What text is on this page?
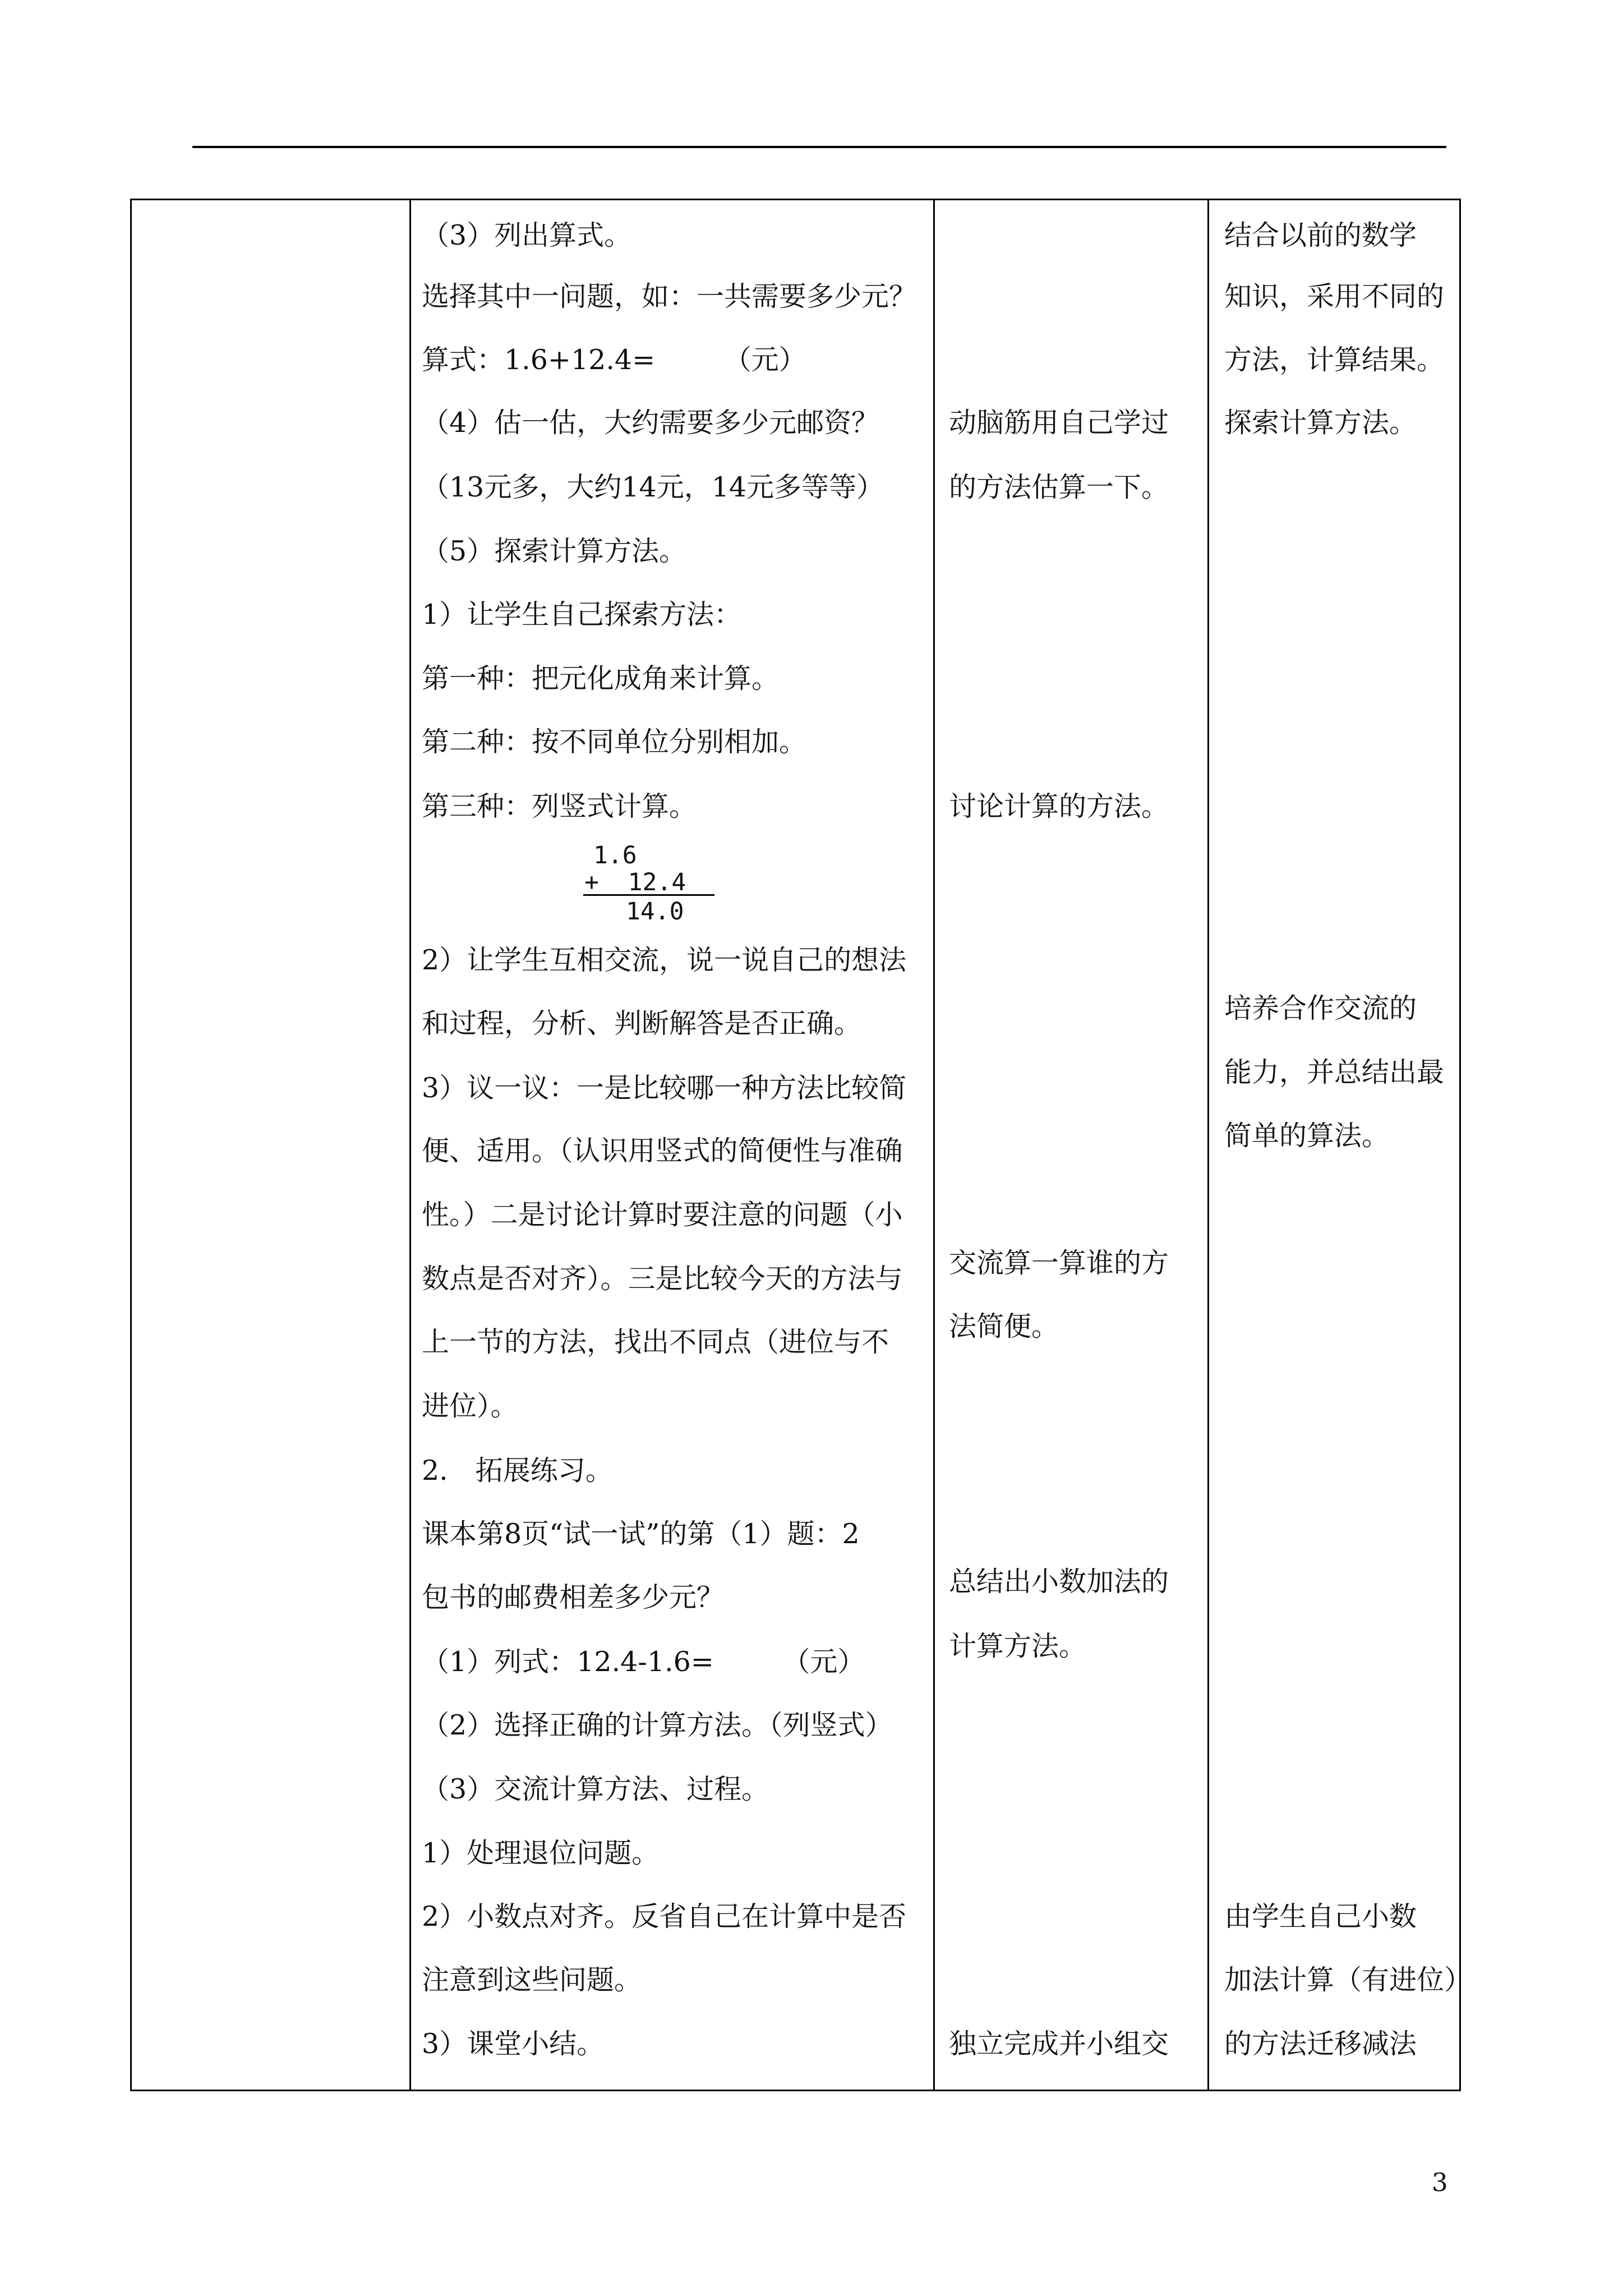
（3）列出算式。
选择其中一问题，如：一共需要多少元？
算式：1.6+12.4=　　　（元）
（4）估一估，大约需要多少元邮资？
（13元多，大约14元，14元多等等）
（5）探索计算方法。
1）让学生自己探索方法：
第一种：把元化成角来计算。
第二种：按不同单位分别相加。
第三种：列竖式计算。
2）让学生互相交流，说一说自己的想法
和过程，分析、判断解答是否正确。
3）议一议：一是比较哪一种方法比较简
便、适用。（认识用竖式的简便性与准确
性。）二是讨论计算时要注意的问题（小
数点是否对齐）。三是比较今天的方法与
上一节的方法，找出不同点（进位与不
进位）。
2.　拓展练习。
课本第8页“试一试”的第（1）题：2
包书的邮费相差多少元？
（1）列式：12.4-1.6=　　　（元）
（2）选择正确的计算方法。（列竖式）
（3）交流计算方法、过程。
1）处理退位问题。
2）小数点对齐。反省自己在计算中是否
注意到这些问题。
3）课堂小结。
动脑筋用自己学过
的方法估算一下。
讨论计算的方法。
交流算一算谁的方
法简便。
总结出小数加法的
计算方法。
独立完成并小组交
结合以前的数学
知识，采用不同的
方法，计算结果。
探索计算方法。
培养合作交流的
能力，并总结出最
简单的算法。
由学生自己小数
加法计算（有进位）
的方法迁移减法
1.6
+  12.4
14.0
3
